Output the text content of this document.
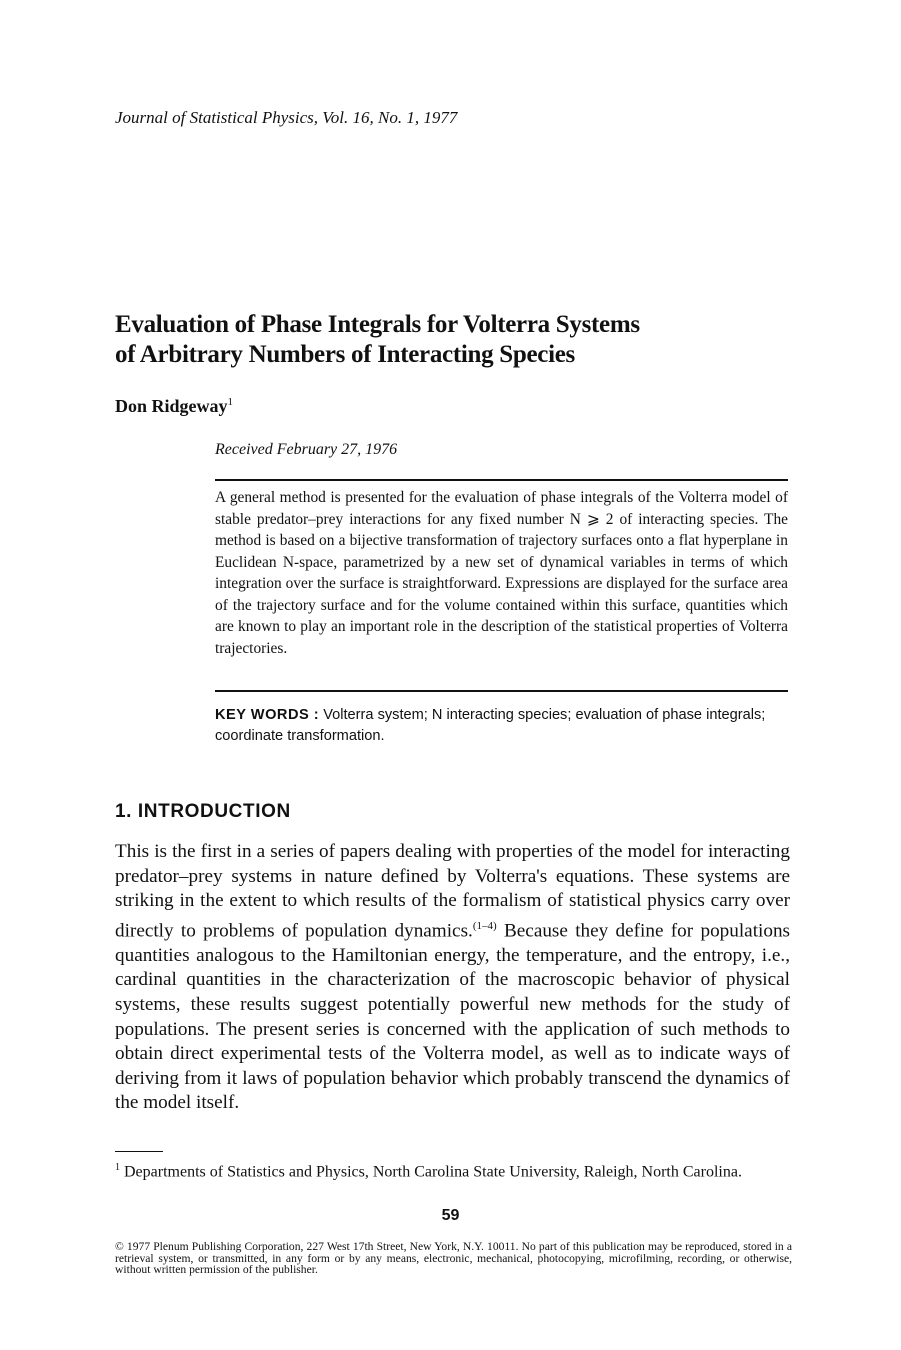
Journal of Statistical Physics, Vol. 16, No. 1, 1977
Evaluation of Phase Integrals for Volterra Systems
of Arbitrary Numbers of Interacting Species
Don Ridgeway$^1$
Received February 27, 1976
A general method is presented for the evaluation of phase integrals of the Volterra model of stable predator–prey interactions for any fixed number N ⩾ 2 of interacting species. The method is based on a bijective transformation of trajectory surfaces onto a flat hyperplane in Euclidean N-space, parametrized by a new set of dynamical variables in terms of which integration over the surface is straightforward. Expressions are displayed for the surface area of the trajectory surface and for the volume contained within this surface, quantities which are known to play an important role in the description of the statistical properties of Volterra trajectories.
KEY WORDS : Volterra system; N interacting species; evaluation of phase integrals; coordinate transformation.
1. INTRODUCTION
This is the first in a series of papers dealing with properties of the model for interacting predator–prey systems in nature defined by Volterra's equations. These systems are striking in the extent to which results of the formalism of statistical physics carry over directly to problems of population dynamics.$^{(1-4)}$ Because they define for populations quantities analogous to the Hamiltonian energy, the temperature, and the entropy, i.e., cardinal quantities in the characterization of the macroscopic behavior of physical systems, these results suggest potentially powerful new methods for the study of populations. The present series is concerned with the application of such methods to obtain direct experimental tests of the Volterra model, as well as to indicate ways of deriving from it laws of population behavior which probably transcend the dynamics of the model itself.
$^1$ Departments of Statistics and Physics, North Carolina State University, Raleigh, North Carolina.
59
© 1977 Plenum Publishing Corporation, 227 West 17th Street, New York, N.Y. 10011. No part of this publication may be reproduced, stored in a retrieval system, or transmitted, in any form or by any means, electronic, mechanical, photocopying, microfilming, recording, or otherwise, without written permission of the publisher.
